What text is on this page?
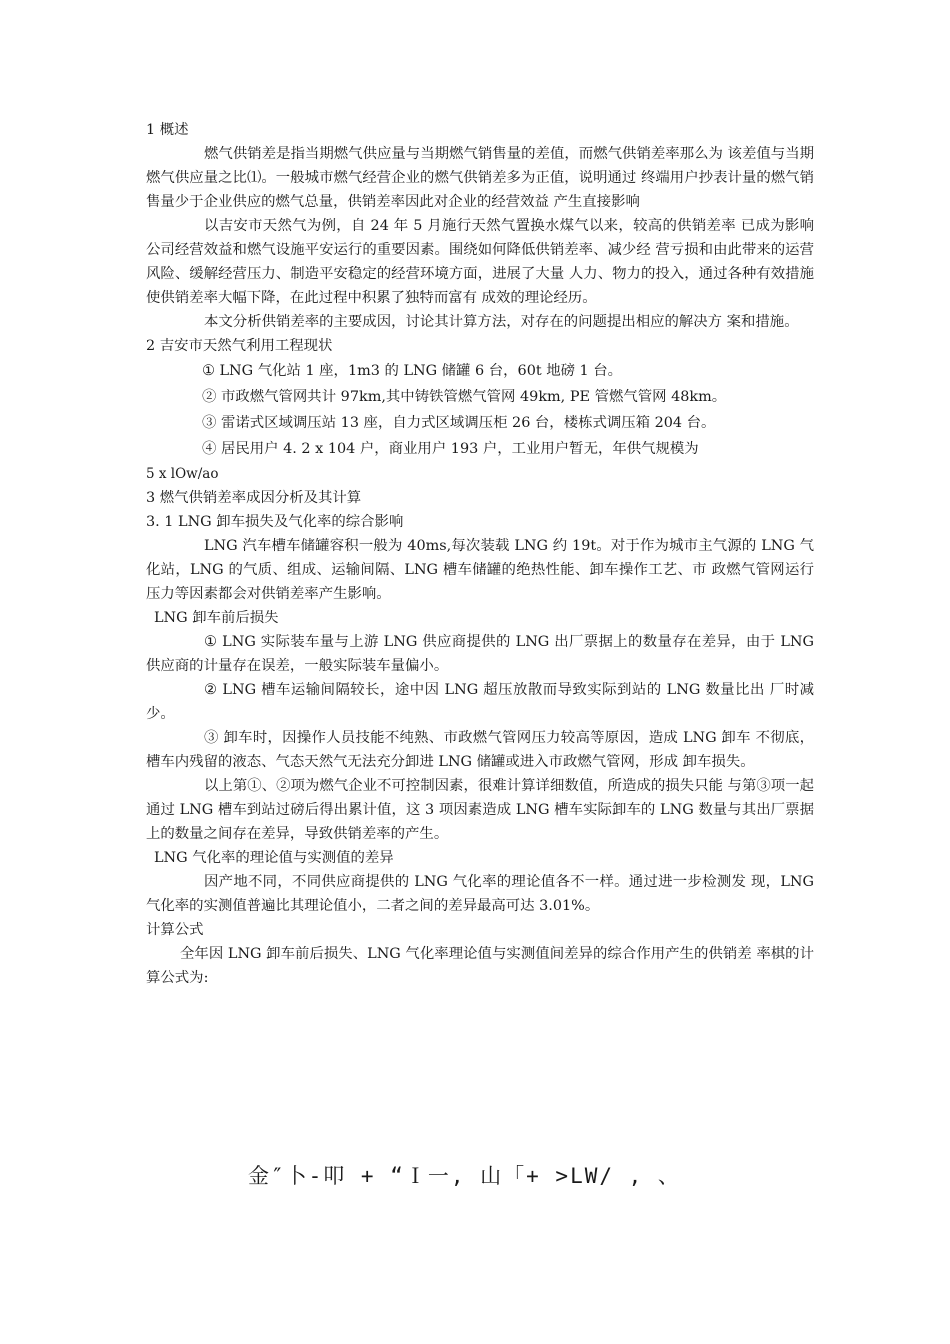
1 概述

燃气供销差是指当期燃气供应量与当期燃气销售量的差值，而燃气供销差率那么为 该差值与当期燃气供应量之比⑴。一般城市燃气经营企业的燃气供销差多为正值，说明通过 终端用户抄表计量的燃气销售量少于企业供应的燃气总量，供销差率因此对企业的经营效益 产生直接影响

以吉安市天然气为例，自 24 年 5 月施行天然气置换水煤气以来，较高的供销差率 已成为影响公司经营效益和燃气设施平安运行的重要因素。围绕如何降低供销差率、减少经 营亏损和由此带来的运营风险、缓解经营压力、制造平安稳定的经营环境方面，进展了大量 人力、物力的投入，通过各种有效措施使供销差率大幅下降，在此过程中积累了独特而富有 成效的理论经历。

本文分析供销差率的主要成因，讨论其计算方法，对存在的问题提出相应的解决方 案和措施。

2 吉安市天然气利用工程现状

① LNG 气化站 1 座，1m3 的 LNG 储罐 6 台，60t 地磅 1 台。

② 市政燃气管网共计 97km,其中铸铁管燃气管网 49km, PE 管燃气管网 48km。

③ 雷诺式区域调压站 13 座，自力式区域调压柜 26 台，楼栋式调压箱 204 台。

④ 居民用户 4. 2 x 104 户，商业用户 193 户，工业用户暂无，年供气规模为

5 x lOw/ao

3 燃气供销差率成因分析及其计算

3. 1 LNG 卸车损失及气化率的综合影响

LNG 汽车槽车储罐容积一般为 40ms,每次装载 LNG 约 19t。对于作为城市主气源的 LNG 气化站，LNG 的气质、组成、运输间隔、LNG 槽车储罐的绝热性能、卸车操作工艺、市 政燃气管网运行压力等因素都会对供销差率产生影响。

LNG 卸车前后损失

① LNG 实际装车量与上游 LNG 供应商提供的 LNG 出厂票据上的数量存在差异，由于 LNG 供应商的计量存在误差，一般实际装车量偏小。

② LNG 槽车运输间隔较长，途中因 LNG 超压放散而导致实际到站的 LNG 数量比出 厂时减少。

③ 卸车时，因操作人员技能不纯熟、市政燃气管网压力较高等原因，造成 LNG 卸车 不彻底，槽车内残留的液态、气态天然气无法充分卸进 LNG 储罐或进入市政燃气管网，形成 卸车损失。

以上第①、②项为燃气企业不可控制因素，很难计算详细数值，所造成的损失只能 与第③项一起通过 LNG 槽车到站过磅后得出累计值，这 3 项因素造成 LNG 槽车实际卸车的 LNG 数量与其出厂票据上的数量之间存在差异，导致供销差率的产生。

LNG 气化率的理论值与实测值的差异

因产地不同，不同供应商提供的 LNG 气化率的理论值各不一样。通过进一步检测发 现，LNG 气化率的实测值普遍比其理论值小，二者之间的差异最高可达 3.01%。

计算公式

全年因 LNG 卸车前后损失、LNG 气化率理论值与实测值间差异的综合作用产生的供销差 率棋的计算公式为:

金″卜-叩 + “Ｉ一, 山「+ >LW/ , 、
